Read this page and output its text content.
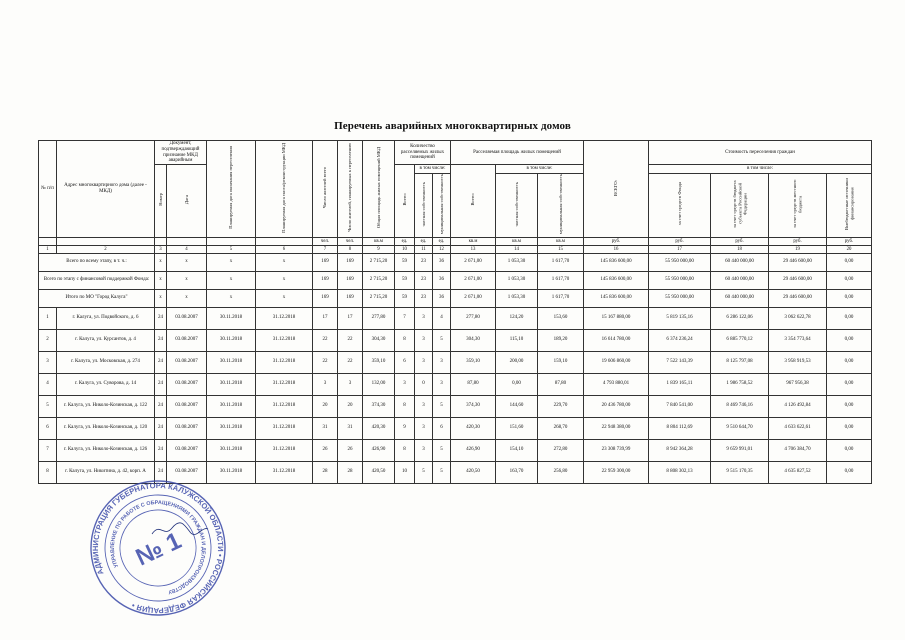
Перечень аварийных многоквартирных домов
№ п/п	Адрес многоквартирного дома (далее - МКД)	Документ, подтверждающий признание МКД аварийным		Планируемая дата окончания переселения	Планируемая дата сноса/реконструкции МКД	Число жителей всего	Число жителей, планируемых к переселению	Общая площадь жилых помещений МКД	Количество расселяемых жилых помещений			Расселяемая площадь жилых помещений			ВСЕГО:	Стоимость переселения граждан			
		Номер	Дата						Всего:	в том числе:		Всего:	в том числе:			в том числе:			
										частная собственность	муниципальная собственность		частная собственность	муниципальная собственность		за счет средств Фонда	за счет средств бюджета субъекта Российской Федерации	за счет средств местного бюджета	Внебюджетные источники финансирования
						чел.	чел.	кв.м	ед.	ед.	ед.	кв.м	кв.м	кв.м	руб.	руб.	руб.	руб.	руб.
1	2	3	4	5	6	7	8	9	10	11	12	13	14	15	16	17	18	19	20
Всего по всему этапу, в т. ч.:		х	х	х	х	169	169	2 715,20	59	23	36	2 671,00	1 053,30	1 617,70	145 836 600,00	55 950 000,00	60 440 000,00	29 446 600,00	0,00
Всего по этапу с финансовой поддержкой Фонда:		х	х	х	х	169	169	2 715,20	59	23	36	2 671,00	1 053,30	1 617,70	145 836 600,00	55 950 000,00	60 440 000,00	29 446 600,00	0,00
Итого по МО "Город Калуга"		х	х	х	х	169	169	2 715,20	59	23	36	2 671,00	1 053,30	1 617,70	145 836 600,00	55 950 000,00	60 440 000,00	29 446 600,00	0,00
1	г. Калуга, ул. Подвойского, д. 6	24	03.08.2007	30.11.2018	31.12.2018	17	17	277,80	7	3	4	277,80	124,20	153,60	15 167 880,00	5 819 135,16	6 286 122,06	3 062 622,78	0,00
2	г. Калуга, ул. Курсантов, д. 4	24	03.08.2007	30.11.2018	31.12.2018	22	22	304,30	8	3	5	304,30	115,10	189,20	16 614 780,00	6 374 236,24	6 885 770,12	3 354 773,64	0,00
3	г. Калуга, ул. Московская, д. 274	24	03.08.2007	30.11.2018	31.12.2018	22	22	359,10	6	3	3	359,10	200,00	159,10	19 606 860,00	7 522 143,39	8 125 797,08	3 958 919,53	0,00
4	г. Калуга, ул. Суворова, д. 14	24	03.08.2007	30.11.2018	31.12.2018	3	3	132,00	3	0	3	87,80	0,00	87,80	4 793 880,01	1 839 165,11	1 986 758,52	967 956,38	0,00
5	г. Калуга, ул. Николо-Козинская, д. 122	24	03.08.2007	30.11.2018	31.12.2018	20	20	374,30	8	3	5	374,30	144,60	229,70	20 436 780,00	7 840 541,00	8 469 746,16	4 126 492,84	0,00
6	г. Калуга, ул. Николо-Козинская, д. 120	24	03.08.2007	30.11.2018	31.12.2018	31	31	420,30	9	3	6	420,30	151,60	268,70	22 948 380,00	8 804 112,69	9 510 644,70	4 633 622,61	0,00
7	г. Калуга, ул. Николо-Козинская, д. 126	24	03.08.2007	30.11.2018	31.12.2018	26	26	426,90	8	3	5	426,90	154,10	272,80	23 308 739,99	8 942 364,28	9 659 991,01	4 706 384,70	0,00
8	г. Калуга, ул. Никитина, д. 42, корп. А	24	03.08.2007	30.11.2018	31.12.2018	28	28	420,50	10	5	5	420,50	163,70	256,80	22 959 300,00	8 808 302,13	9 515 170,35	4 635 827,52	0,00
АДМИНИСТРАЦИЯ ГУБЕРНАТОРА КАЛУЖСКОЙ ОБЛАСТИ • РОССИЙСКАЯ ФЕДЕРАЦИЯ •
УПРАВЛЕНИЕ ПО РАБОТЕ С ОБРАЩЕНИЯМИ ГРАЖДАН И ДЕЛОПРОИЗВОДСТВУ
№ 1
